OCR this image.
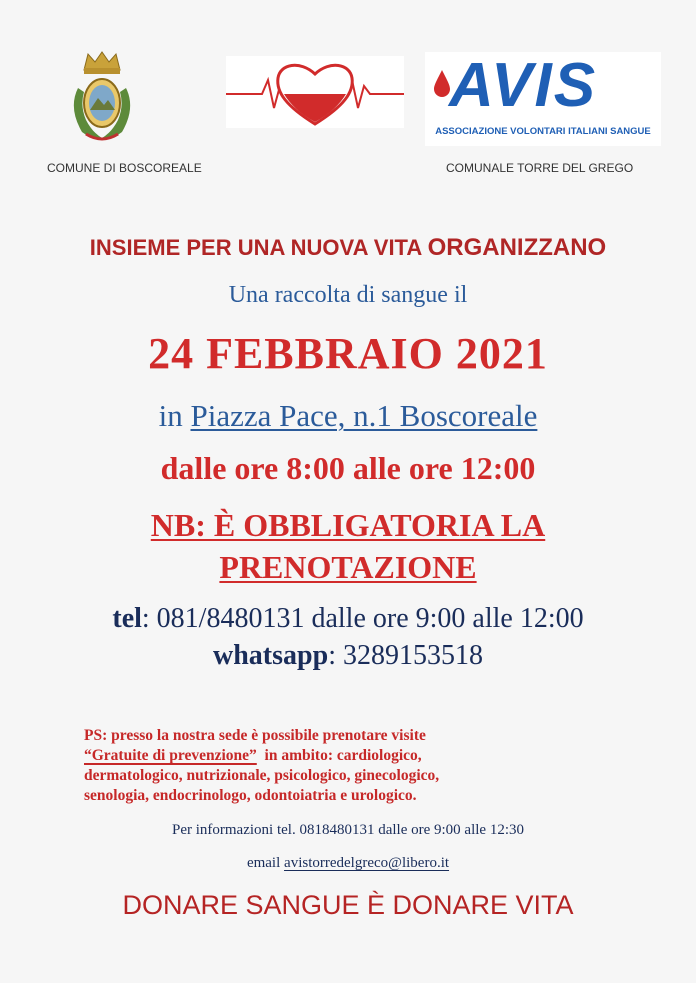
AVIS
ASSOCIAZIONE VOLONTARI ITALIANI SANGUE
COMUNE DI BOSCOREALE	COMUNALE TORRE DEL GREGO
INSIEME PER UNA NUOVA VITA ORGANIZZANO
Una raccolta di sangue il
24 FEBBRAIO 2021
in Piazza Pace, n.1 Boscoreale
dalle ore 8:00 alle ore 12:00
NB: È OBBLIGATORIA LA
PRENOTAZIONE
tel: 081/8480131 dalle ore 9:00 alle 12:00
whatsapp: 3289153518
PS: presso la nostra sede è possibile prenotare visite
“Gratuite di prevenzione”  in ambito: cardiologico,
dermatologico, nutrizionale, psicologico, ginecologico,
senologia, endocrinologo, odontoiatria e urologico.
Per informazioni tel. 0818480131 dalle ore 9:00 alle 12:30
email avistorredelgreco@libero.it
DONARE SANGUE È DONARE VITA
